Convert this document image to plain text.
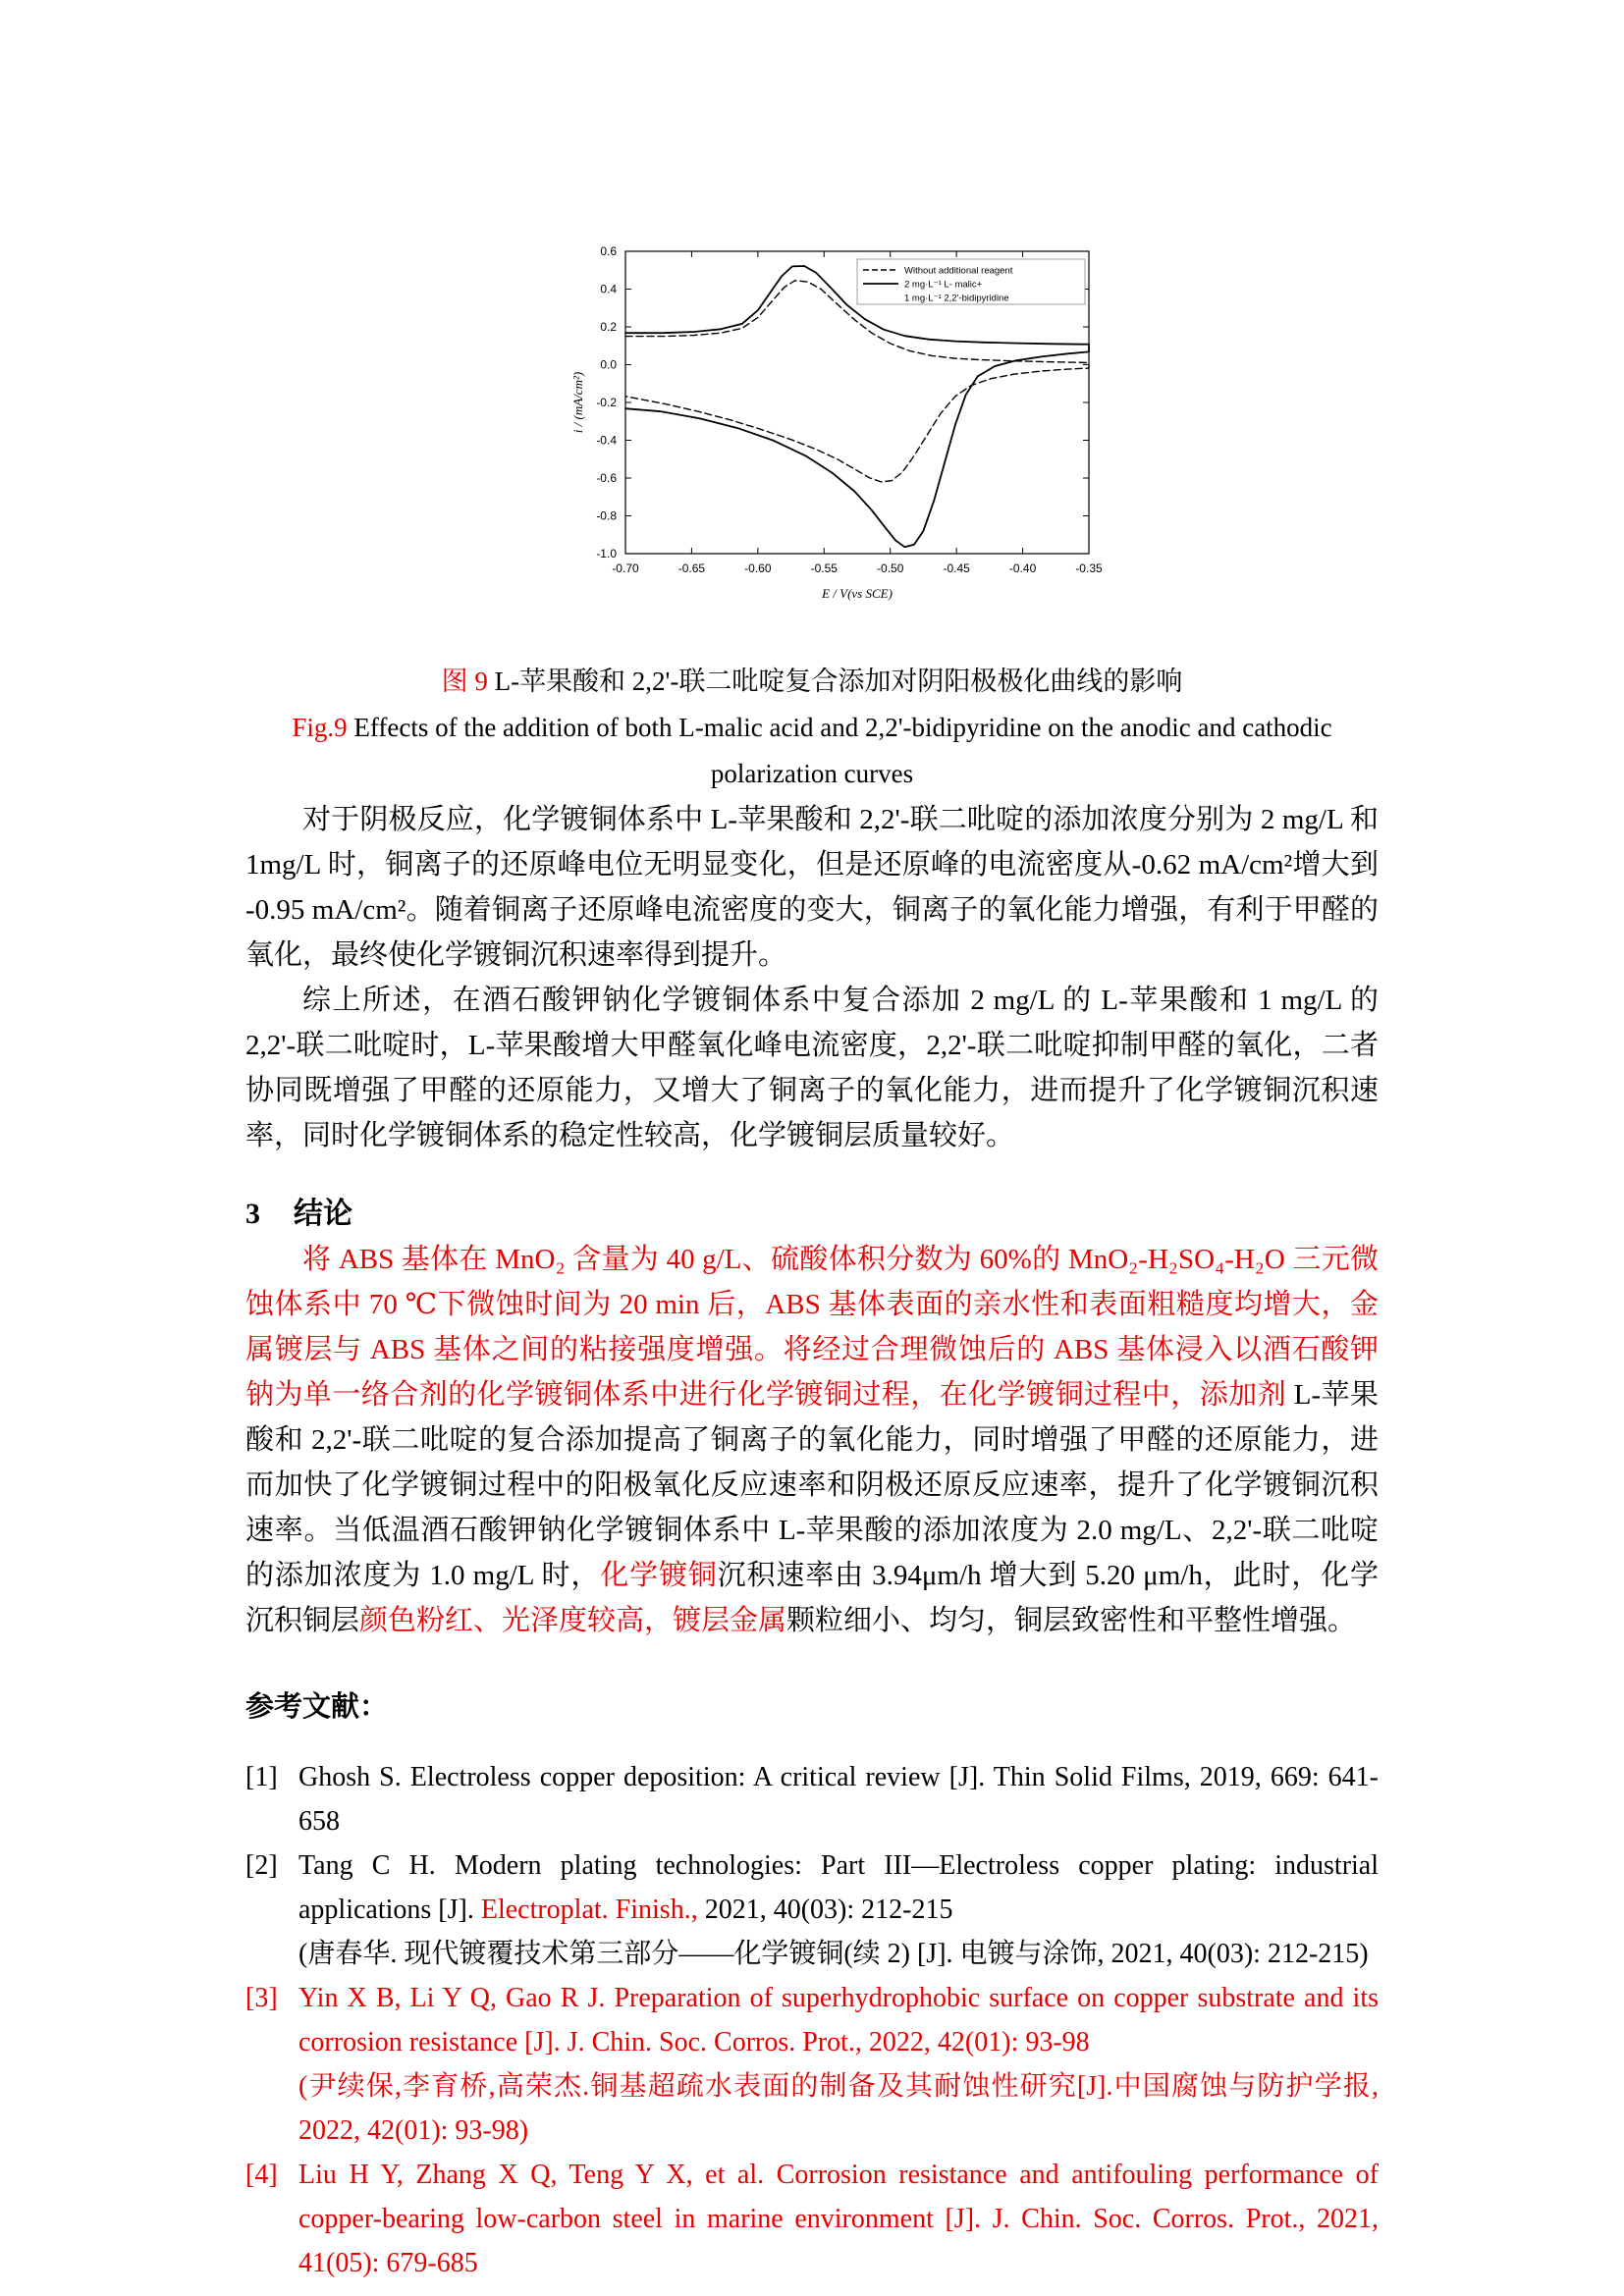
-0.70	-0.65	-0.60	-0.55	-0.50	-0.45	-0.40	-0.35
0.6
0.4
0.2
0.0
-0.2
-0.4
-0.6
-0.8
-1.0
E / V(vs SCE)
i / (mA/cm²)
Without additional reagent
2 mg·L⁻¹ L- malic+
1 mg·L⁻¹ 2,2'-bidipyridine
图 9 L-苹果酸和 2,2'-联二吡啶复合添加对阴阳极极化曲线的影响
Fig.9 Effects of the addition of both L-malic acid and 2,2'-bidipyridine on the anodic and cathodic
polarization curves

对于阴极反应，化学镀铜体系中 L-苹果酸和 2,2'-联二吡啶的添加浓度分别为 2 mg/L 和 1mg/L 时，铜离子的还原峰电位无明显变化，但是还原峰的电流密度从-0.62 mA/cm²增大到 -0.95 mA/cm²。随着铜离子还原峰电流密度的变大，铜离子的氧化能力增强，有利于甲醛的氧化，最终使化学镀铜沉积速率得到提升。

综上所述，在酒石酸钾钠化学镀铜体系中复合添加 2 mg/L 的 L-苹果酸和 1 mg/L 的 2,2'-联二吡啶时，L-苹果酸增大甲醛氧化峰电流密度，2,2'-联二吡啶抑制甲醛的氧化，二者协同既增强了甲醛的还原能力，又增大了铜离子的氧化能力，进而提升了化学镀铜沉积速率，同时化学镀铜体系的稳定性较高，化学镀铜层质量较好。

3 结论

将 ABS 基体在 MnO₂ 含量为 40 g/L、硫酸体积分数为 60%的 MnO₂-H₂SO₄-H₂O 三元微蚀体系中 70 ℃下微蚀时间为 20 min 后，ABS 基体表面的亲水性和表面粗糙度均增大，金属镀层与 ABS 基体之间的粘接强度增强。将经过合理微蚀后的 ABS 基体浸入以酒石酸钾钠为单一络合剂的化学镀铜体系中进行化学镀铜过程，在化学镀铜过程中，添加剂 L-苹果酸和 2,2'-联二吡啶的复合添加提高了铜离子的氧化能力，同时增强了甲醛的还原能力，进而加快了化学镀铜过程中的阳极氧化反应速率和阴极还原反应速率，提升了化学镀铜沉积速率。当低温酒石酸钾钠化学镀铜体系中 L-苹果酸的添加浓度为 2.0 mg/L、2,2'-联二吡啶的添加浓度为 1.0 mg/L 时，化学镀铜沉积速率由 3.94μm/h 增大到 5.20 μm/h，此时，化学沉积铜层颜色粉红、光泽度较高，镀层金属颗粒细小、均匀，铜层致密性和平整性增强。

参考文献：
[1] Ghosh S. Electroless copper deposition: A critical review [J]. Thin Solid Films, 2019, 669: 641-658
[2] Tang C H. Modern plating technologies: Part III—Electroless copper plating: industrial applications [J]. Electroplat. Finish., 2021, 40(03): 212-215
(唐春华. 现代镀覆技术第三部分——化学镀铜(续 2) [J]. 电镀与涂饰, 2021, 40(03): 212-215)
[3] Yin X B, Li Y Q, Gao R J. Preparation of superhydrophobic surface on copper substrate and its corrosion resistance [J]. J. Chin. Soc. Corros. Prot., 2022, 42(01): 93-98
(尹续保,李育桥,高荣杰.铜基超疏水表面的制备及其耐蚀性研究[J].中国腐蚀与防护学报, 2022, 42(01): 93-98)
[4] Liu H Y, Zhang X Q, Teng Y X, et al. Corrosion resistance and antifouling performance of copper-bearing low-carbon steel in marine environment [J]. J. Chin. Soc. Corros. Prot., 2021, 41(05): 679-685
